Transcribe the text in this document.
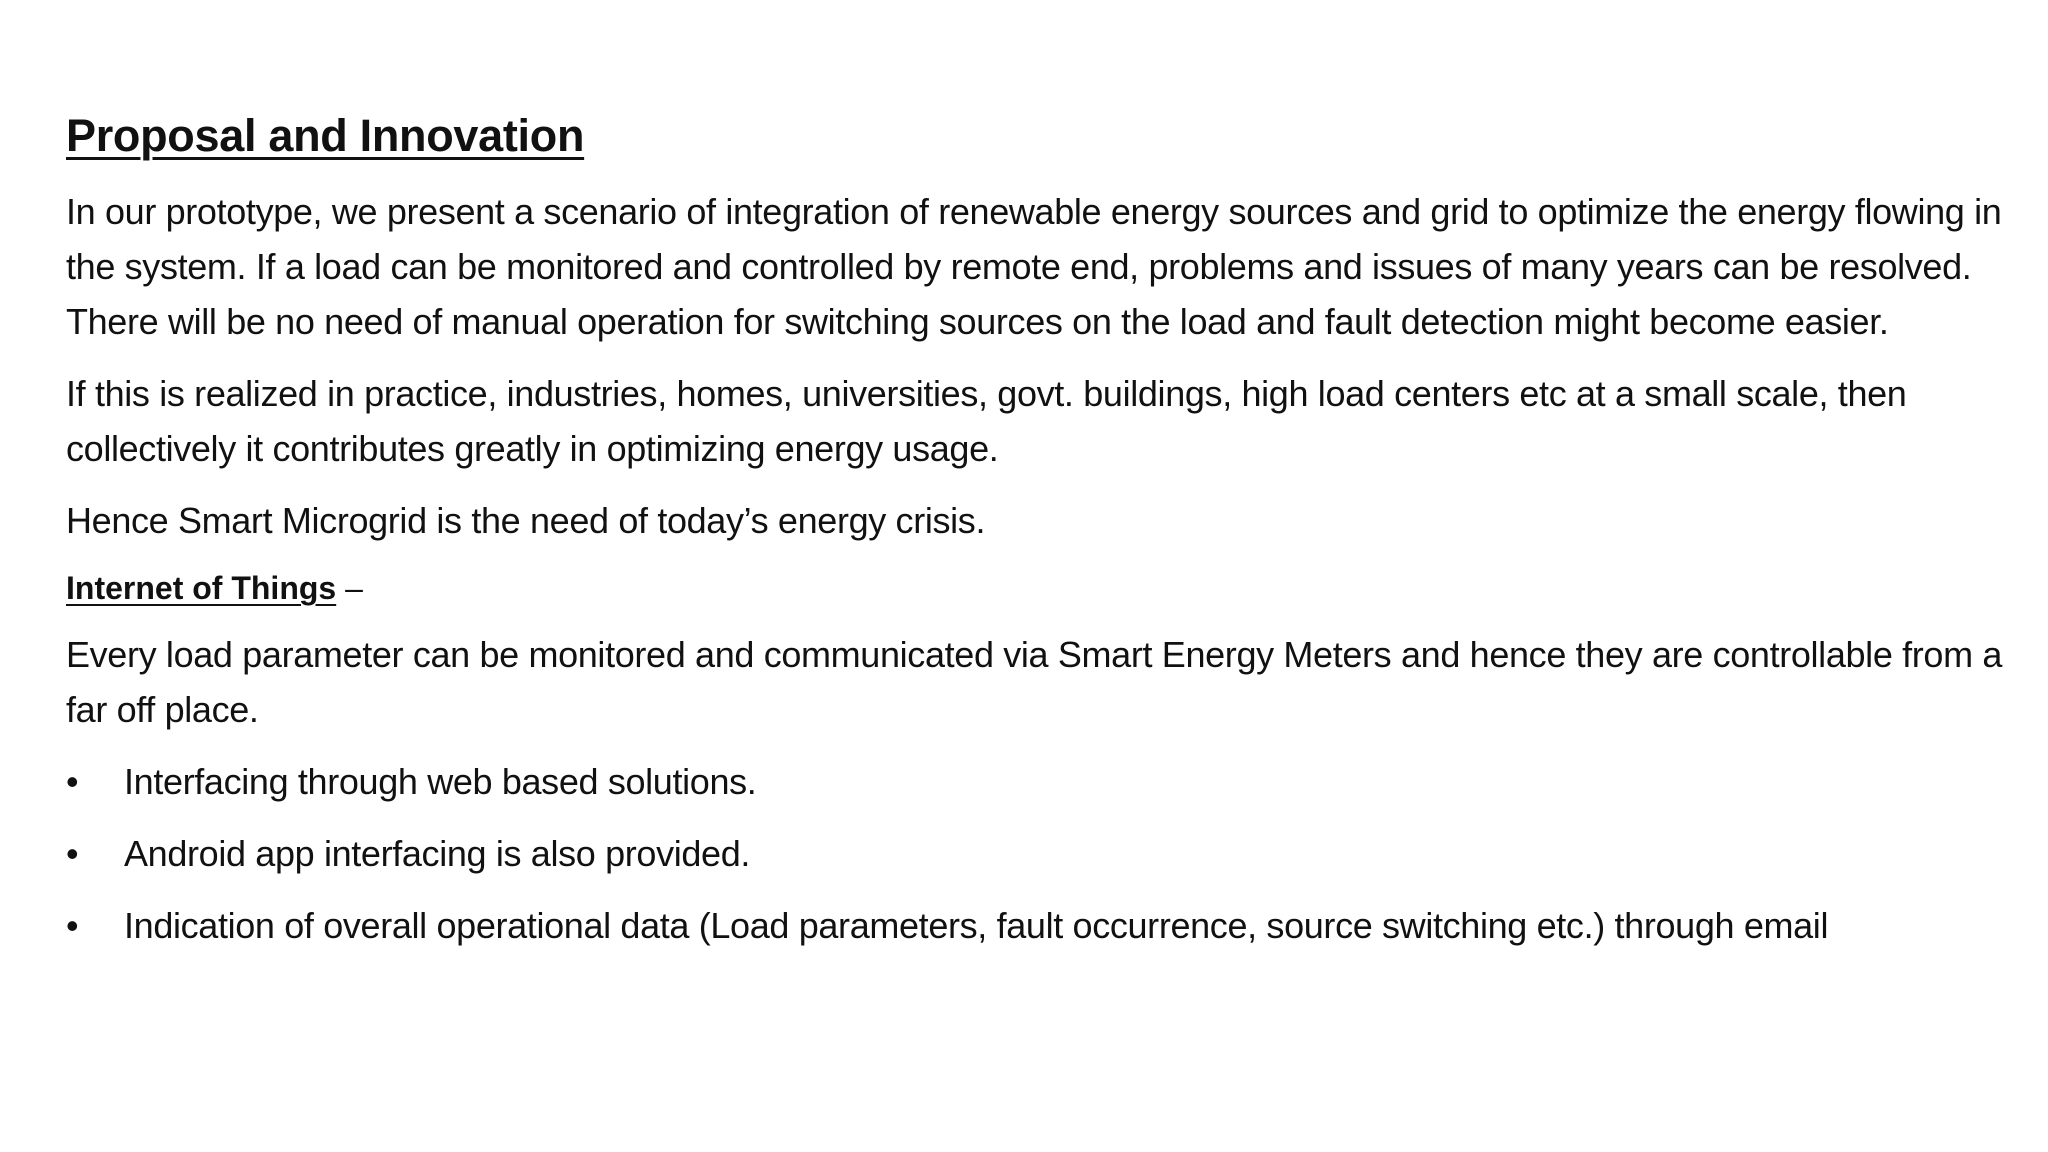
Proposal and Innovation

In our prototype, we present a scenario of integration of renewable energy sources and grid to optimize the energy flowing in the system. If a load can be monitored and controlled by remote end, problems and issues of many years can be resolved. There will be no need of manual operation for switching sources on the load and fault detection might become easier.

If this is realized in practice, industries, homes, universities, govt. buildings, high load centers etc at a small scale, then collectively it contributes greatly in optimizing energy usage.

Hence Smart Microgrid is the need of today’s energy crisis.

Internet of Things –

Every load parameter can be monitored and communicated via Smart Energy Meters and hence they are controllable from a far off place.

• Interfacing through web based solutions.
• Android app interfacing is also provided.
• Indication of overall operational data (Load parameters, fault occurrence, source switching etc.) through email
